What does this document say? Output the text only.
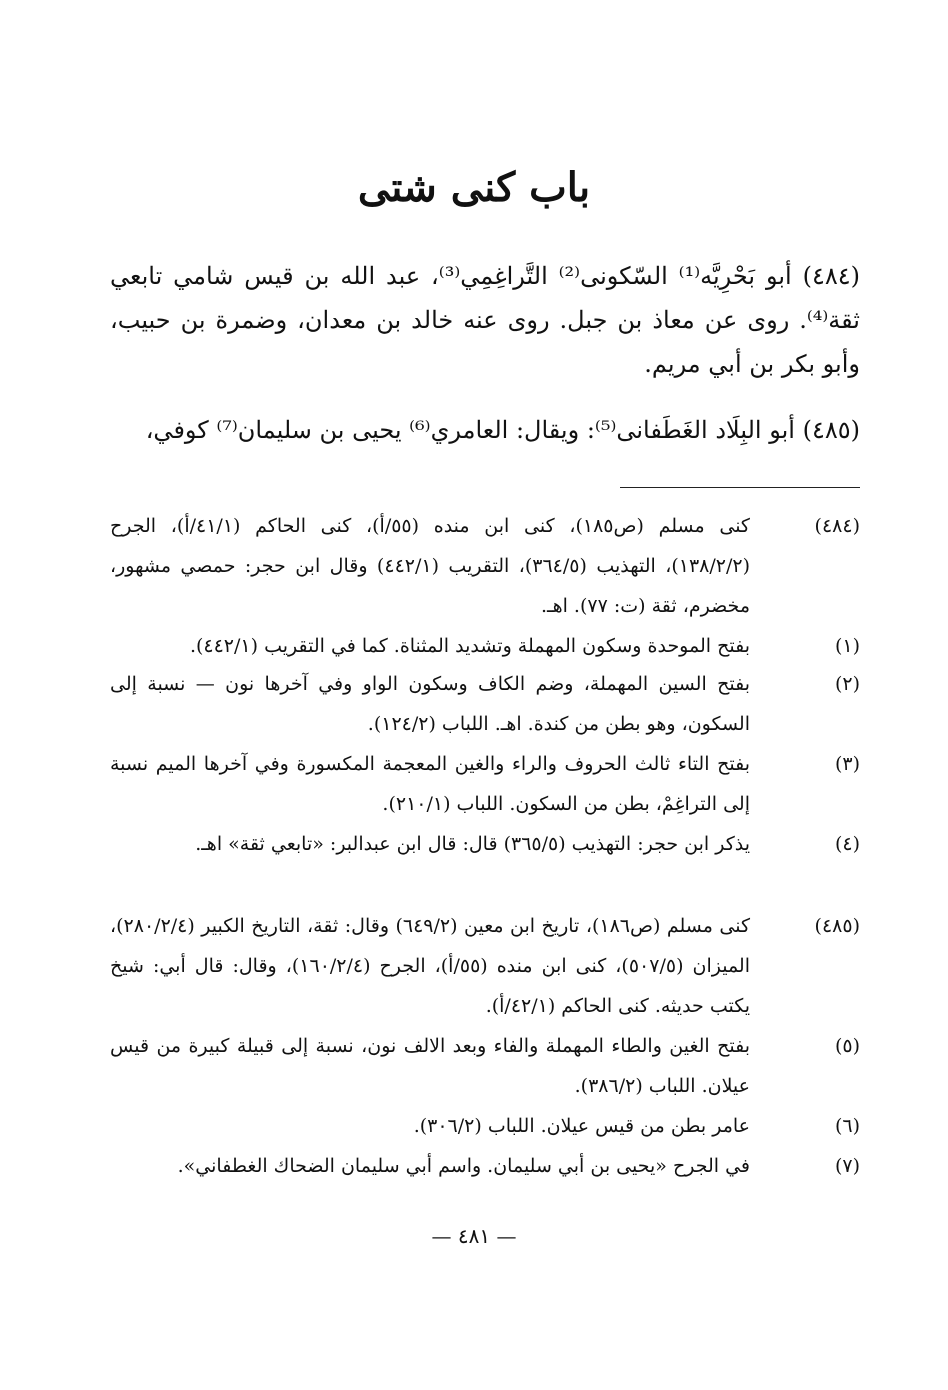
باب كنى شتى
(٤٨٤) أبو بَحْرِيَّه⁽¹⁾ السّكونى⁽²⁾ التَّراغِمِي⁽³⁾، عبد الله بن قيس شامي تابعي ثقة⁽⁴⁾. روى عن معاذ بن جبل. روى عنه خالد بن معدان، وضمرة بن حبيب، وأبو بكر بن أبي مريم.
(٤٨٥) أبو البِلَاد الغَطَفانى⁽⁵⁾: ويقال: العامري⁽⁶⁾ يحيى بن سليمان⁽⁷⁾ كوفي،
(٤٨٤)
كنى مسلم (ص١٨٥)، كنى ابن منده (٥٥/أ)، كنى الحاكم (٤١/١/أ)، الجرح (١٣٨/٢/٢)، التهذيب (٣٦٤/٥)، التقريب (٤٤٢/١) وقال ابن حجر: حمصي مشهور، مخضرم، ثقة (ت: ٧٧). اهـ.
(١)
بفتح الموحدة وسكون المهملة وتشديد المثناة. كما في التقريب (٤٤٢/١).
(٢)
بفتح السين المهملة، وضم الكاف وسكون الواو وفي آخرها نون — نسبة إلى السكون، وهو بطن من كندة. اهـ. اللباب (١٢٤/٢).
(٣)
بفتح التاء ثالث الحروف والراء والغين المعجمة المكسورة وفي آخرها الميم نسبة إلى التراغِمْ، بطن من السكون. اللباب (٢١٠/١).
(٤)
يذكر ابن حجر: التهذيب (٣٦٥/٥) قال: قال ابن عبدالبر: «تابعي ثقة» اهـ.
(٤٨٥)
كنى مسلم (ص١٨٦)، تاريخ ابن معين (٦٤٩/٢) وقال: ثقة، التاريخ الكبير (٢٨٠/٢/٤)، الميزان (٥٠٧/٥)، كنى ابن منده (٥٥/أ)، الجرح (١٦٠/٢/٤)، وقال: قال أبي: شيخ يكتب حديثه. كنى الحاكم (٤٢/١/أ).
(٥)
بفتح الغين والطاء المهملة والفاء وبعد الالف نون، نسبة إلى قبيلة كبيرة من قيس عيلان. اللباب (٣٨٦/٢).
(٦)
عامر بطن من قيس عيلان. اللباب (٣٠٦/٢).
(٧)
في الجرح «يحيى بن أبي سليمان. واسم أبي سليمان الضحاك الغطفاني».
— ٤٨١ —
